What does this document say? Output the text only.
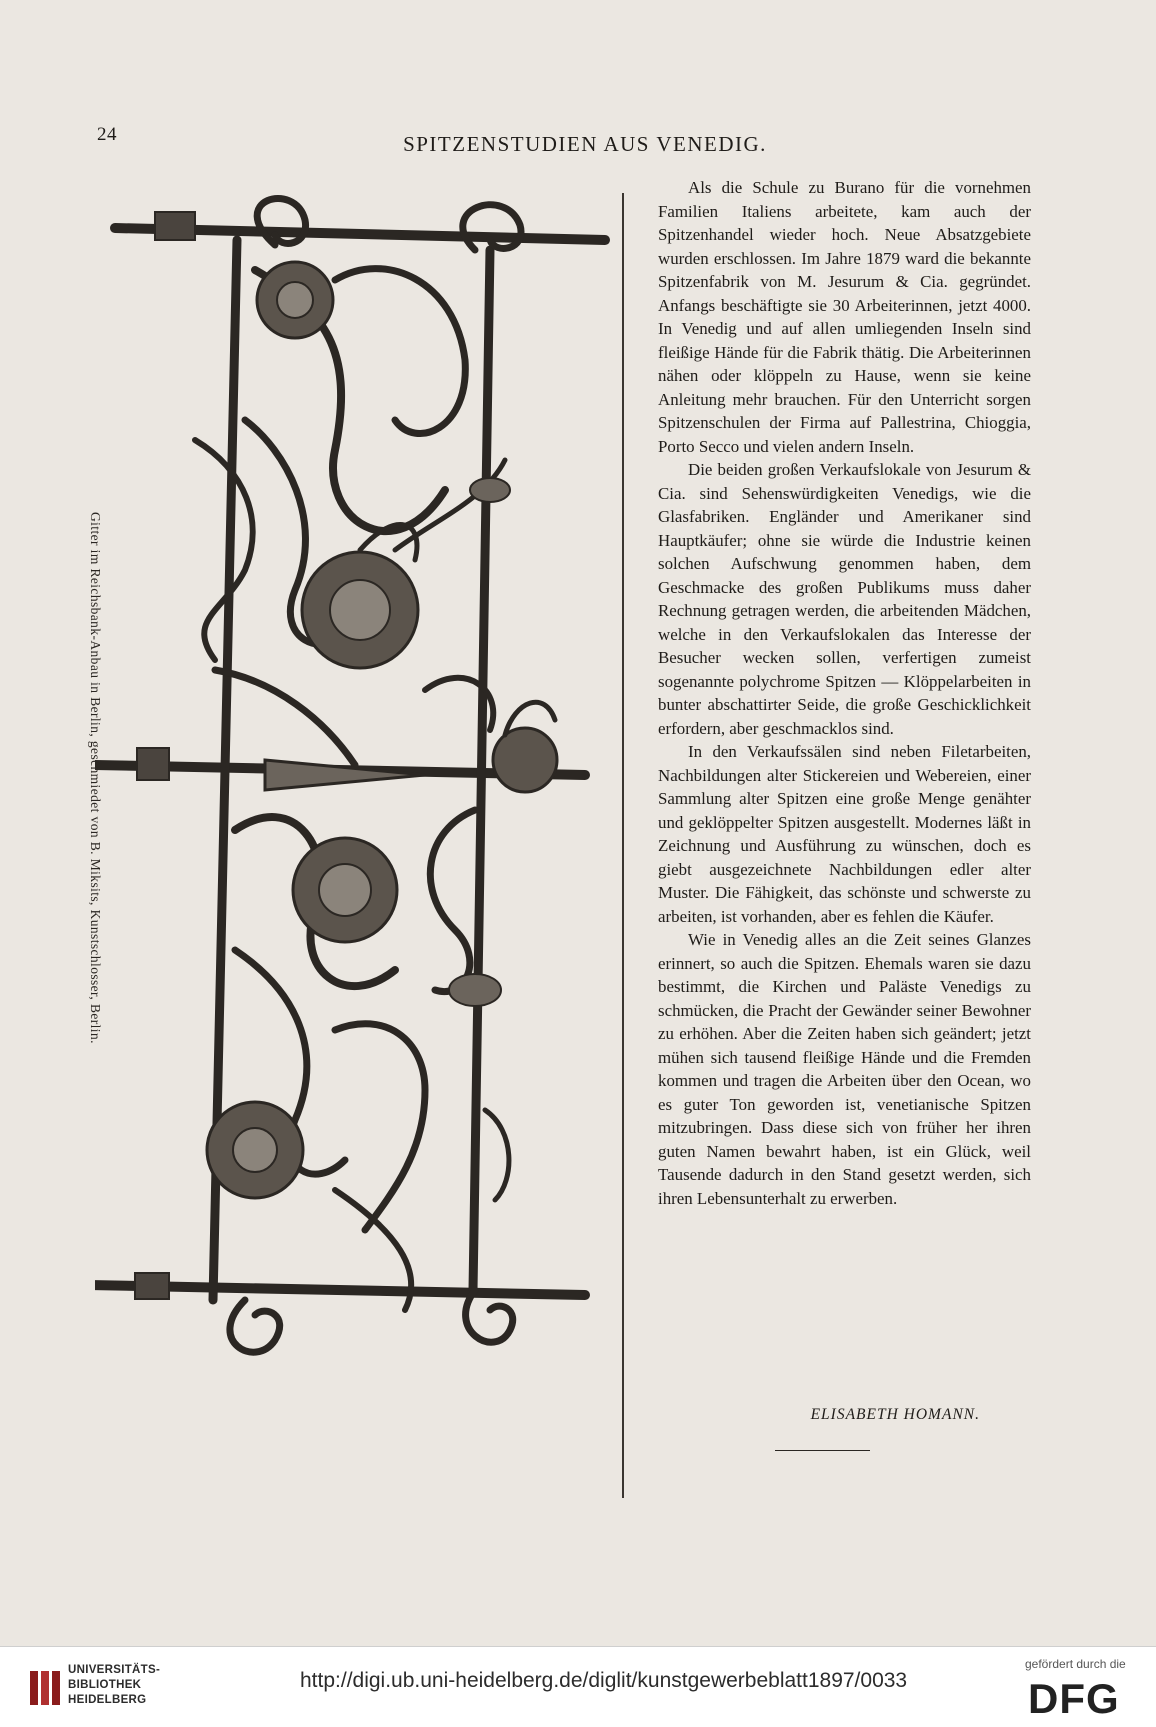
24	SPITZENSTUDIEN AUS VENEDIG.
Gitter im Reichsbank-Anbau in Berlin, geschmiedet von B. Miksits, Kunstschlosser, Berlin.

Als die Schule zu Burano für die vornehmen Familien Italiens arbeitete, kam auch der Spitzenhandel wieder hoch. Neue Absatzgebiete wurden erschlossen. Im Jahre 1879 ward die bekannte Spitzenfabrik von M. Jesurum & Cia. gegründet. Anfangs beschäftigte sie 30 Arbeiterinnen, jetzt 4000. In Venedig und auf allen umliegenden Inseln sind fleißige Hände für die Fabrik thätig. Die Arbeiterinnen nähen oder klöppeln zu Hause, wenn sie keine Anleitung mehr brauchen. Für den Unterricht sorgen Spitzenschulen der Firma auf Pallestrina, Chioggia, Porto Secco und vielen andern Inseln.

Die beiden großen Verkaufslokale von Jesurum & Cia. sind Sehenswürdigkeiten Venedigs, wie die Glasfabriken. Engländer und Amerikaner sind Hauptkäufer; ohne sie würde die Industrie keinen solchen Aufschwung genommen haben, dem Geschmacke des großen Publikums muss daher Rechnung getragen werden, die arbeitenden Mädchen, welche in den Verkaufslokalen das Interesse der Besucher wecken sollen, verfertigen zumeist sogenannte polychrome Spitzen — Klöppelarbeiten in bunter abschattirter Seide, die große Geschicklichkeit erfordern, aber geschmacklos sind.

In den Verkaufssälen sind neben Filetarbeiten, Nachbildungen alter Stickereien und Webereien, einer Sammlung alter Spitzen eine große Menge genähter und geklöppelter Spitzen ausgestellt. Modernes läßt in Zeichnung und Ausführung zu wünschen, doch es giebt ausgezeichnete Nachbildungen edler alter Muster. Die Fähigkeit, das schönste und schwerste zu arbeiten, ist vorhanden, aber es fehlen die Käufer.

Wie in Venedig alles an die Zeit seines Glanzes erinnert, so auch die Spitzen. Ehemals waren sie dazu bestimmt, die Kirchen und Paläste Venedigs zu schmücken, die Pracht der Gewänder seiner Bewohner zu erhöhen. Aber die Zeiten haben sich geändert; jetzt mühen sich tausend fleißige Hände und die Fremden kommen und tragen die Arbeiten über den Ocean, wo es guter Ton geworden ist, venetianische Spitzen mitzubringen. Dass diese sich von früher her ihren guten Namen bewahrt haben, ist ein Glück, weil Tausende dadurch in den Stand gesetzt werden, sich ihren Lebensunterhalt zu erwerben.

ELISABETH HOMANN.
UNIVERSITÄTS-
BIBLIOTHEK
HEIDELBERG
http://digi.ub.uni-heidelberg.de/diglit/kunstgewerbeblatt1897/0033
gefördert durch die
DFG
